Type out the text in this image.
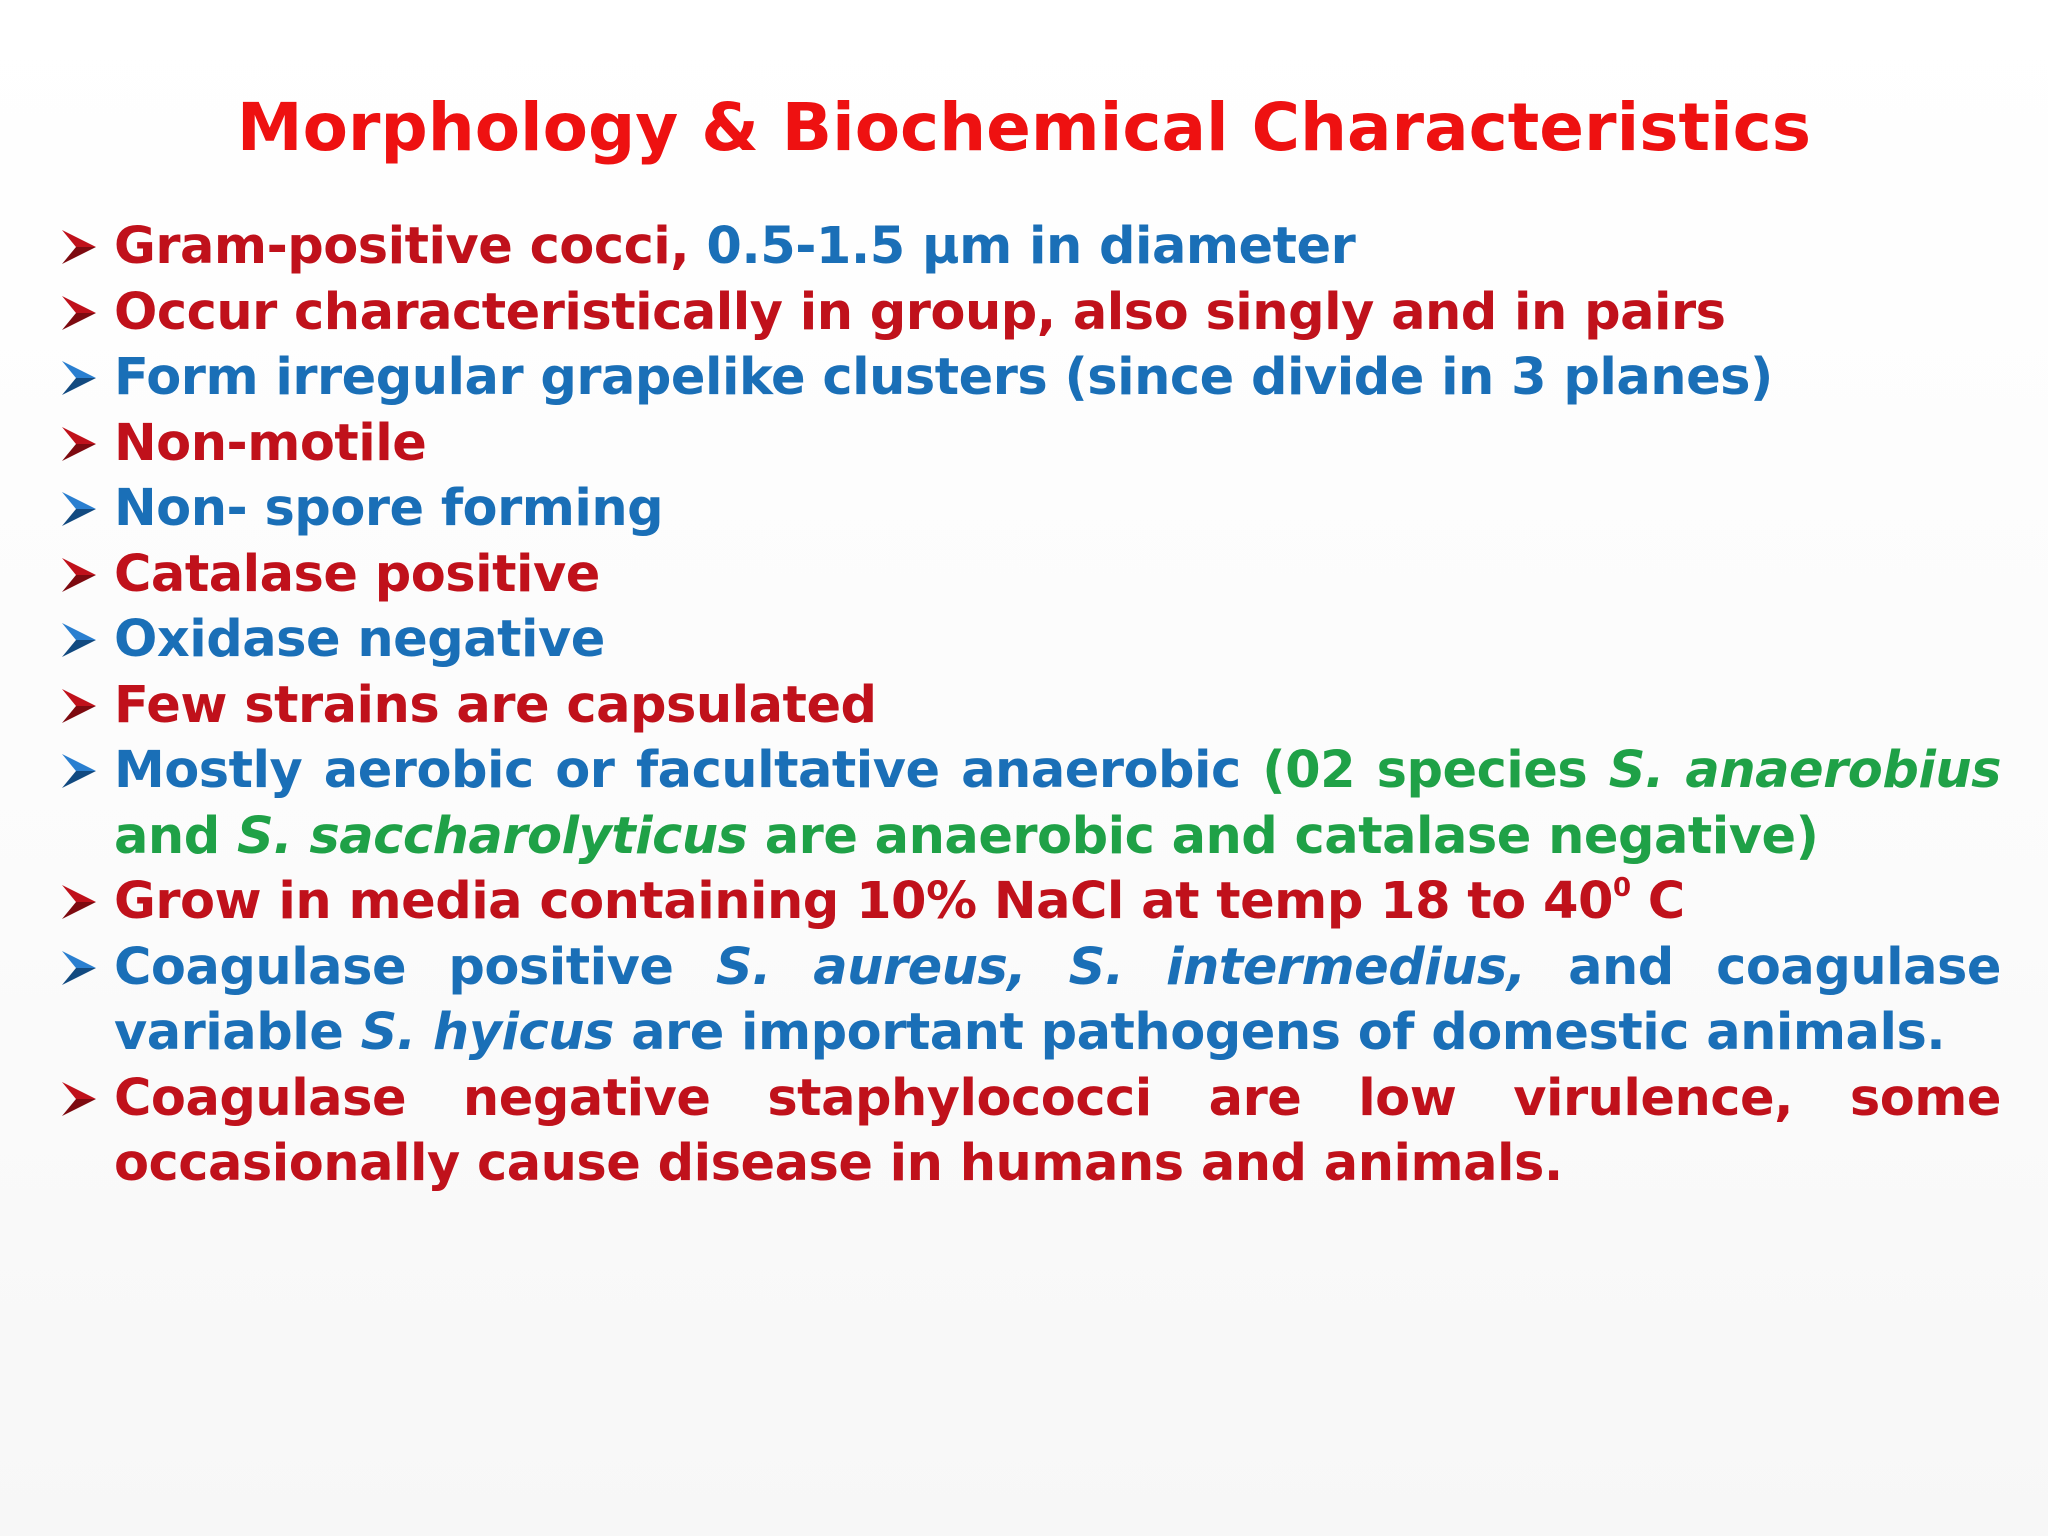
Morphology & Biochemical Characteristics
Gram-positive cocci, 0.5-1.5 µm in diameter
Occur characteristically in group, also singly and in pairs
Form irregular grapelike clusters (since divide in 3 planes)
Non-motile
Non- spore forming
Catalase positive
Oxidase negative
Few strains are capsulated
Mostly aerobic or facultative anaerobic (02 species S. anaerobius and S. saccharolyticus are anaerobic and catalase negative)
Grow in media containing 10% NaCl at temp 18 to $40^0$ C
Coagulase positive S. aureus, S. intermedius, and coagulase variable S. hyicus are important pathogens of domestic animals.
Coagulase negative staphylococci are low virulence, some occasionally cause disease in humans and animals.
